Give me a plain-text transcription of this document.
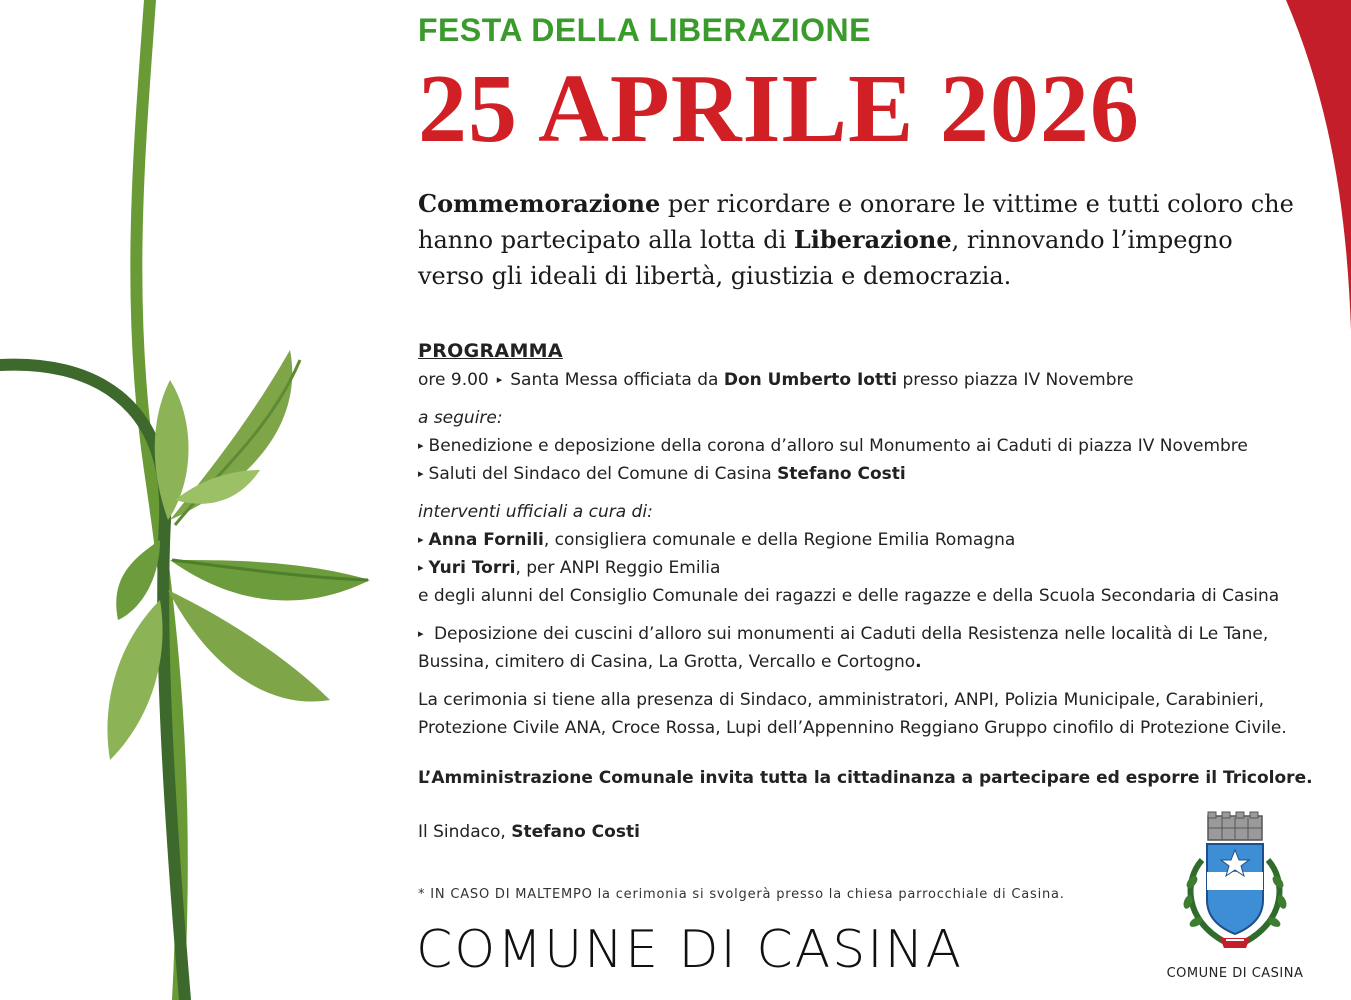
FESTA DELLA LIBERAZIONE
25 APRILE 2026

Commemorazione per ricordare e onorare le vittime e tutti coloro che hanno partecipato alla lotta di Liberazione, rinnovando l’impegno verso gli ideali di libertà, giustizia e democrazia.

PROGRAMMA

ore 9.00 ▸ Santa Messa officiata da Don Umberto Iotti presso piazza IV Novembre

a seguire:

▸ Benedizione e deposizione della corona d’alloro sul Monumento ai Caduti di piazza IV Novembre

▸ Saluti del Sindaco del Comune di Casina Stefano Costi

interventi ufficiali a cura di:

▸ Anna Fornili, consigliera comunale e della Regione Emilia Romagna

▸ Yuri Torri, per ANPI Reggio Emilia

e degli alunni del Consiglio Comunale dei ragazzi e delle ragazze e della Scuola Secondaria di Casina

▸ Deposizione dei cuscini d’alloro sui monumenti ai Caduti della Resistenza nelle località di Le Tane,

Bussina, cimitero di Casina, La Grotta, Vercallo e Cortogno.

La cerimonia si tiene alla presenza di Sindaco, amministratori, ANPI, Polizia Municipale, Carabinieri,

Protezione Civile ANA, Croce Rossa, Lupi dell’Appennino Reggiano Gruppo cinofilo di Protezione Civile.

L’Amministrazione Comunale invita tutta la cittadinanza a partecipare ed esporre il Tricolore.

Il Sindaco, Stefano Costi

* IN CASO DI MALTEMPO la cerimonia si svolgerà presso la chiesa parrocchiale di Casina.
COMUNE DI CASINA	COMUNE DI CASINA
